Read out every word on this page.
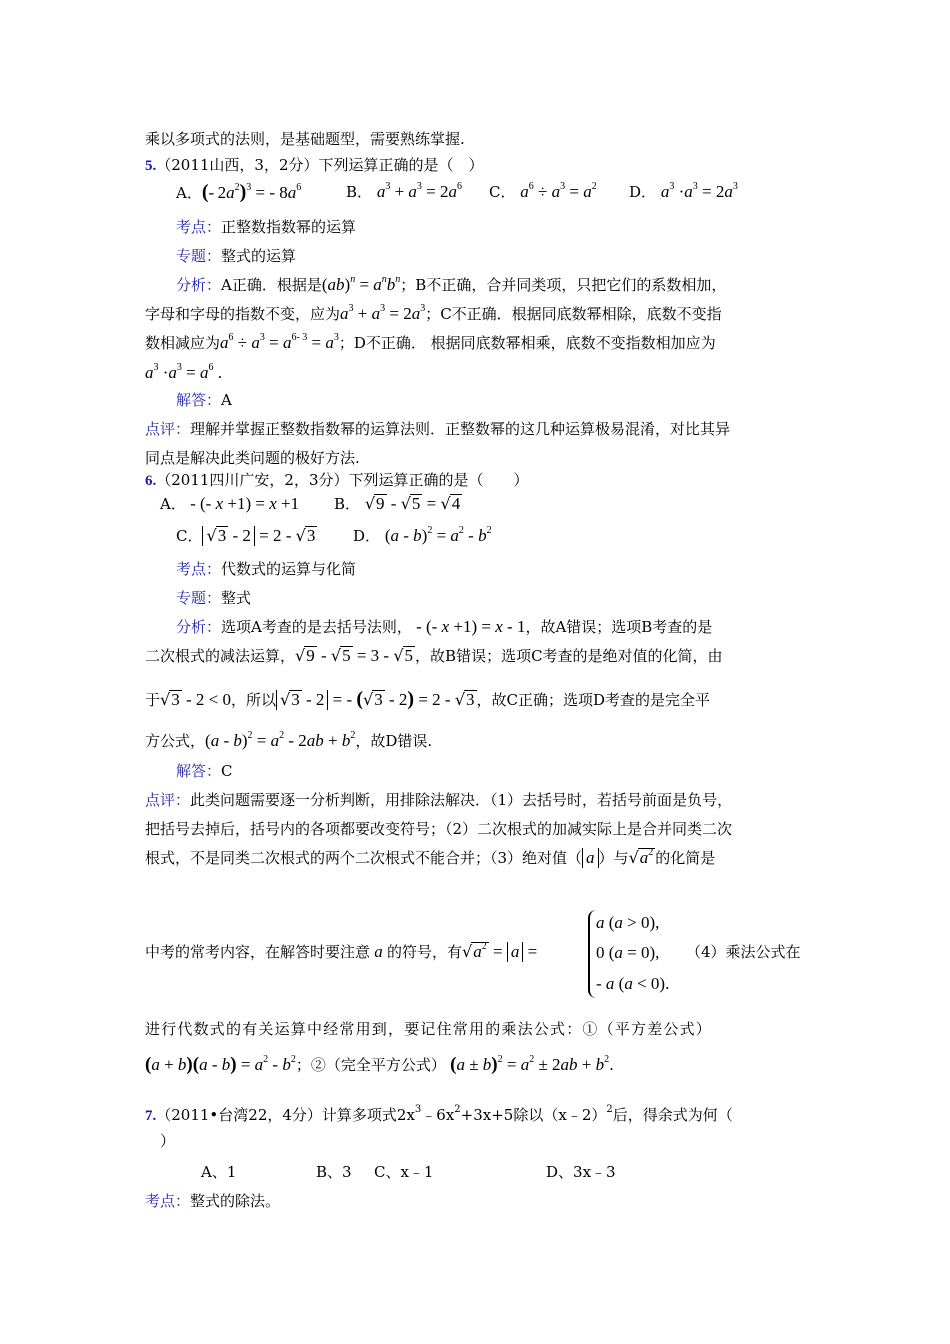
乘以多项式的法则，是基础题型，需要熟练掌握.
5.（2011山西，3，2分）下列运算正确的是（　）
A．(- $2a^2)^3$ = - $8a^6$	B． $a^3 + a^3 = 2a^6$ C． $a^6 \div a^3 = a^2$ D． $a^3 \cdot a^3 = 2a^3$
考点：正整数指数幂的运算
专题：整式的运算
分析：A正确．根据是$(ab)^n = a^nb^n$；B不正确，合并同类项，只把它们的系数相加，
字母和字母的指数不变，应为$a^3 + a^3 = 2a^3$；C不正确．根据同底数幂相除，底数不变指
数相减应为$a^6 \div a^3 = a^{6- 3} = a^3$；D不正确． 根据同底数幂相乘，底数不变指数相加应为
$a^3 \cdot a^3 = a^6$ .
解答：A
点评：理解并掌握正整数指数幂的运算法则．正整数幂的这几种运算极易混淆，对比其异
同点是解决此类问题的极好方法.
6.（2011四川广安，2，3分）下列运算正确的是（　　）
A． - (- x +1) = x +1 B． √9 - √5 = √4
C． √3 - 2 = 2 - √3	D． $(a - b)^2 = a^2 - b^2$
考点：代数式的运算与化简
专题：整式
分析：选项A考查的是去括号法则， - (- x +1) = x - 1，故A错误；选项B考查的是
二次根式的减法运算，√9 - √5 = 3 - √5 ，故B错误；选项C考查的是绝对值的化简，由
于√3 - 2 < 0，所以 √3 - 2 = - (√3 - 2) = 2 - √3 ，故C正确；选项D考查的是完全平
方公式，$(a - b)^2 = a^2 - 2ab + b^2$，故D错误.
解答：C
点评：此类问题需要逐一分析判断，用排除法解决．（1）去括号时，若括号前面是负号，
把括号去掉后，括号内的各项都要改变符号；（2）二次根式的加减实际上是合并同类二次
根式，不是同类二次根式的两个二次根式不能合并；（3）绝对值（ a ）与$√a^2$ 的化简是
中考的常考内容，在解答时要注意 a 的符号，有$√a^2 = a$ =
a (a > 0),
0 (a = 0),
- a (a < 0).
（4）乘法公式在
进行代数式的有关运算中经常用到，要记住常用的乘法公式：①（平方差公式）
$(a + b)(a - b) = a^2 - b^2$；②（完全平方公式） $(a \pm b)^2 = a^2 \pm 2ab + b^2$.
7.（2011•台湾22，4分）计算多项式$2x^3﹣6x^2+3x+5$除以（x﹣2）$^2$后，得余式为何（
）
A、1	B、3 C、x﹣1	D、3x﹣3
考点：整式的除法。
